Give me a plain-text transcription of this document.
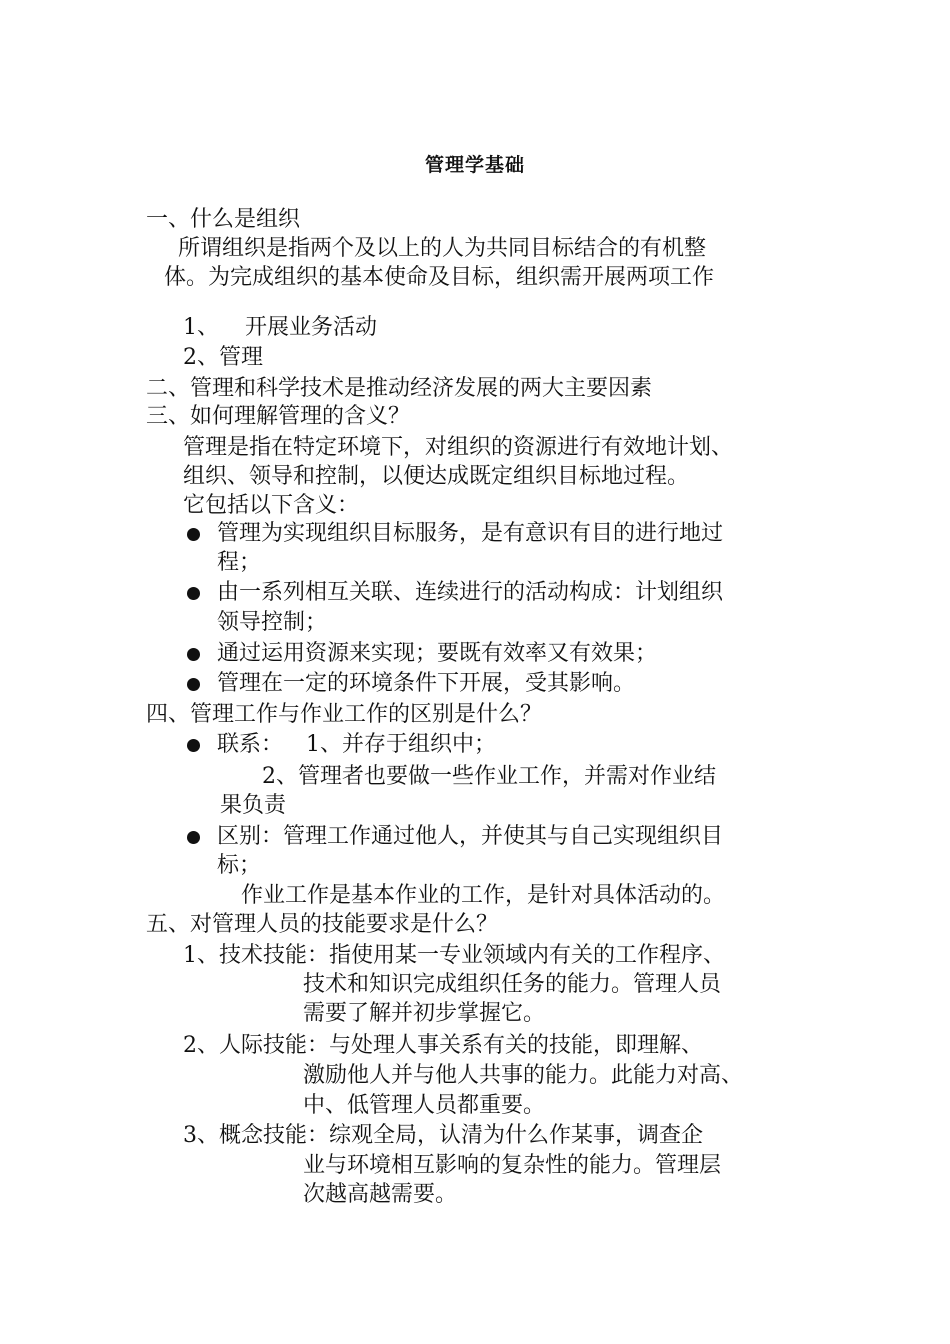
管理学基础
一、什么是组织
所谓组织是指两个及以上的人为共同目标结合的有机整
体。为完成组织的基本使命及目标，组织需开展两项工作
1、 开展业务活动
2、管理
二、管理和科学技术是推动经济发展的两大主要因素
三、如何理解管理的含义？
管理是指在特定环境下，对组织的资源进行有效地计划、
组织、领导和控制，以便达成既定组织目标地过程。
它包括以下含义：
管理为实现组织目标服务，是有意识有目的进行地过
程；
由一系列相互关联、连续进行的活动构成：计划组织
领导控制；
通过运用资源来实现；要既有效率又有效果；
管理在一定的环境条件下开展，受其影响。
四、管理工作与作业工作的区别是什么？
联系： 1、并存于组织中；
2、管理者也要做一些作业工作，并需对作业结
果负责
区别：管理工作通过他人，并使其与自己实现组织目
标；
作业工作是基本作业的工作，是针对具体活动的。
五、对管理人员的技能要求是什么？
1、技术技能：指使用某一专业领域内有关的工作程序、
技术和知识完成组织任务的能力。管理人员
需要了解并初步掌握它。
2、人际技能：与处理人事关系有关的技能，即理解、
激励他人并与他人共事的能力。此能力对高、
中、低管理人员都重要。
3、概念技能：综观全局，认清为什么作某事，调查企
业与环境相互影响的复杂性的能力。管理层
次越高越需要。
